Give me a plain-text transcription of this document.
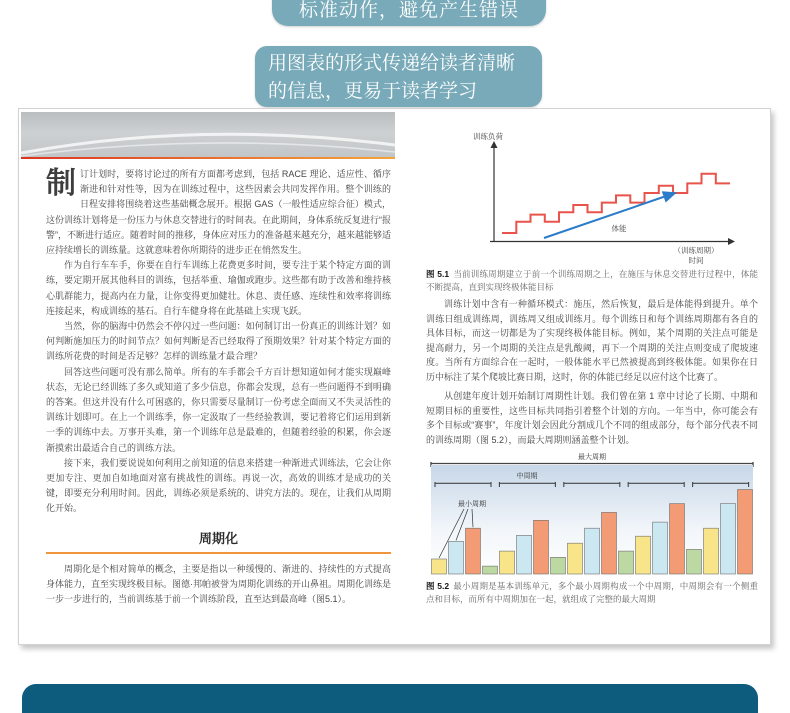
标准动作，避免产生错误
用图表的形式传递给读者清晰
的信息，更易于读者学习

制订计划时，要将讨论过的所有方面都考虑到，包括 RACE 理论、适应性、循序渐进和针对性等，因为在训练过程中，这些因素会共同发挥作用。整个训练的日程安排将围绕着这些基础概念展开。根据 GAS（一般性适应综合征）模式，这份训练计划将是一份压力与休息交替进行的时间表。在此期间，身体系统反复进行“报警”，不断进行适应。随着时间的推移，身体应对压力的准备越来越充分，越来越能够适应持续增长的训练量。这就意味着你所期待的进步正在悄然发生。

作为自行车车手，你要在自行车训练上花费更多时间，要专注于某个特定方面的训练，要定期开展其他科目的训练，包括举重、瑜伽或跑步。这些都有助于改善和维持核心肌群能力，提高内在力量，让你变得更加健壮。休息、责任感、连续性和效率将训练连接起来，构成训练的基石。自行车健身将在此基础上实现飞跃。

当然，你的脑海中仍然会不停闪过一些问题：如何制订出一份真正的训练计划？如何判断施加压力的时间节点？如何判断是否已经取得了预期效果？针对某个特定方面的训练所花费的时间是否足够？怎样的训练量才最合理？

回答这些问题可没有那么简单。所有的车手都会千方百计想知道如何才能实现巅峰状态，无论已经训练了多久或知道了多少信息，你都会发现，总有一些问题得不到明确的答案。但这并没有什么可困惑的，你只需要尽量制订一份考虑全面而又不失灵活性的训练计划即可。在上一个训练季，你一定汲取了一些经验教训，要记着将它们运用到新一季的训练中去。万事开头难，第一个训练年总是最难的，但随着经验的积累，你会逐渐摸索出最适合自己的训练方法。

接下来，我们要说说如何利用之前知道的信息来搭建一种渐进式训练法，它会让你更加专注、更加自如地面对富有挑战性的训练。再说一次，高效的训练才是成功的关键，即要充分利用时间。因此，训练必须是系统的、讲究方法的。现在，让我们从周期化开始。

周期化

周期化是个相对简单的概念，主要是指以一种缓慢的、渐进的、持续性的方式提高身体能力，直至实现终极目标。图德·邦帕被誉为周期化训练的开山鼻祖。周期化训练是一步一步进行的，当前训练基于前一个训练阶段，直至达到最高峰（图5.1）。

训练负荷
体能
（训练周期）
时间

图 5.1 当前训练周期建立于前一个训练周期之上，在施压与休息交替进行过程中，体能不断提高，直到实现终极体能目标

训练计划中含有一种循环模式：施压，然后恢复，最后是体能得到提升。单个训练日组成训练周，训练周又组成训练月。每个训练日和每个训练周期都有各自的具体目标，而这一切都是为了实现终极体能目标。例如，某个周期的关注点可能是提高耐力，另一个周期的关注点是乳酸阈，再下一个周期的关注点则变成了爬坡速度。当所有方面综合在一起时，一般体能水平已然被提高到终极体能。如果你在日历中标注了某个爬坡比赛日期，这时，你的体能已经足以应付这个比赛了。

从创建年度计划开始制订周期性计划。我们曾在第 1 章中讨论了长期、中期和短期目标的重要性，这些目标共同指引着整个计划的方向。一年当中，你可能会有多个目标或“赛事”，年度计划会因此分割成几个不同的组成部分，每个部分代表不同的训练周期（图 5.2），而最大周期则涵盖整个计划。

最大周期
中周期
最小周期

图 5.2 最小周期是基本训练单元，多个最小周期构成一个中周期，中周期会有一个侧重点和目标，而所有中周期加在一起，就组成了完整的最大周期
